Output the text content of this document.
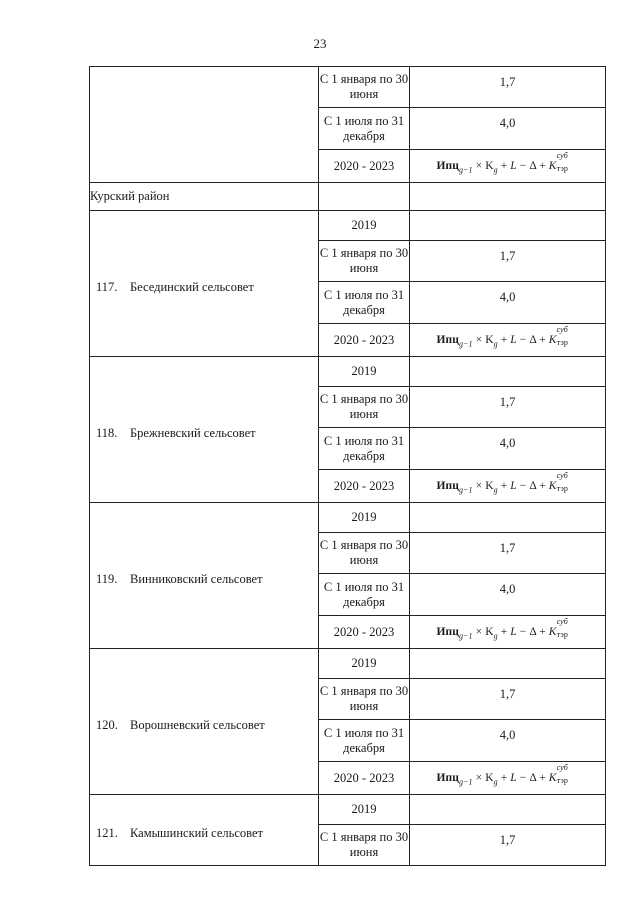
23
	С 1 января по 30 июня	1,7
	С 1 июля по 31 декабря	4,0
	2020 - 2023	$Ипц_{g-1} \times K_g + L - \Delta + K$
суб
тэр

Курский район		

117. Бесединский сельсовет	2019	
	С 1 января по 30 июня	1,7
	С 1 июля по 31 декабря	4,0
	2020 - 2023	$Ипц_{g-1} \times K_g + L - \Delta + K$
суб
тэр

118. Брежневский сельсовет	2019	
	С 1 января по 30 июня	1,7
	С 1 июля по 31 декабря	4,0
	2020 - 2023	$Ипц_{g-1} \times K_g + L - \Delta + K$
суб
тэр

119. Винниковский сельсовет	2019	
	С 1 января по 30 июня	1,7
	С 1 июля по 31 декабря	4,0
	2020 - 2023	$Ипц_{g-1} \times K_g + L - \Delta + K$
суб
тэр

120. Ворошневский сельсовет	2019	
	С 1 января по 30 июня	1,7
	С 1 июля по 31 декабря	4,0
	2020 - 2023	$Ипц_{g-1} \times K_g + L - \Delta + K$
суб
тэр

121. Камышинский сельсовет	2019	
	С 1 января по 30 июня	1,7
